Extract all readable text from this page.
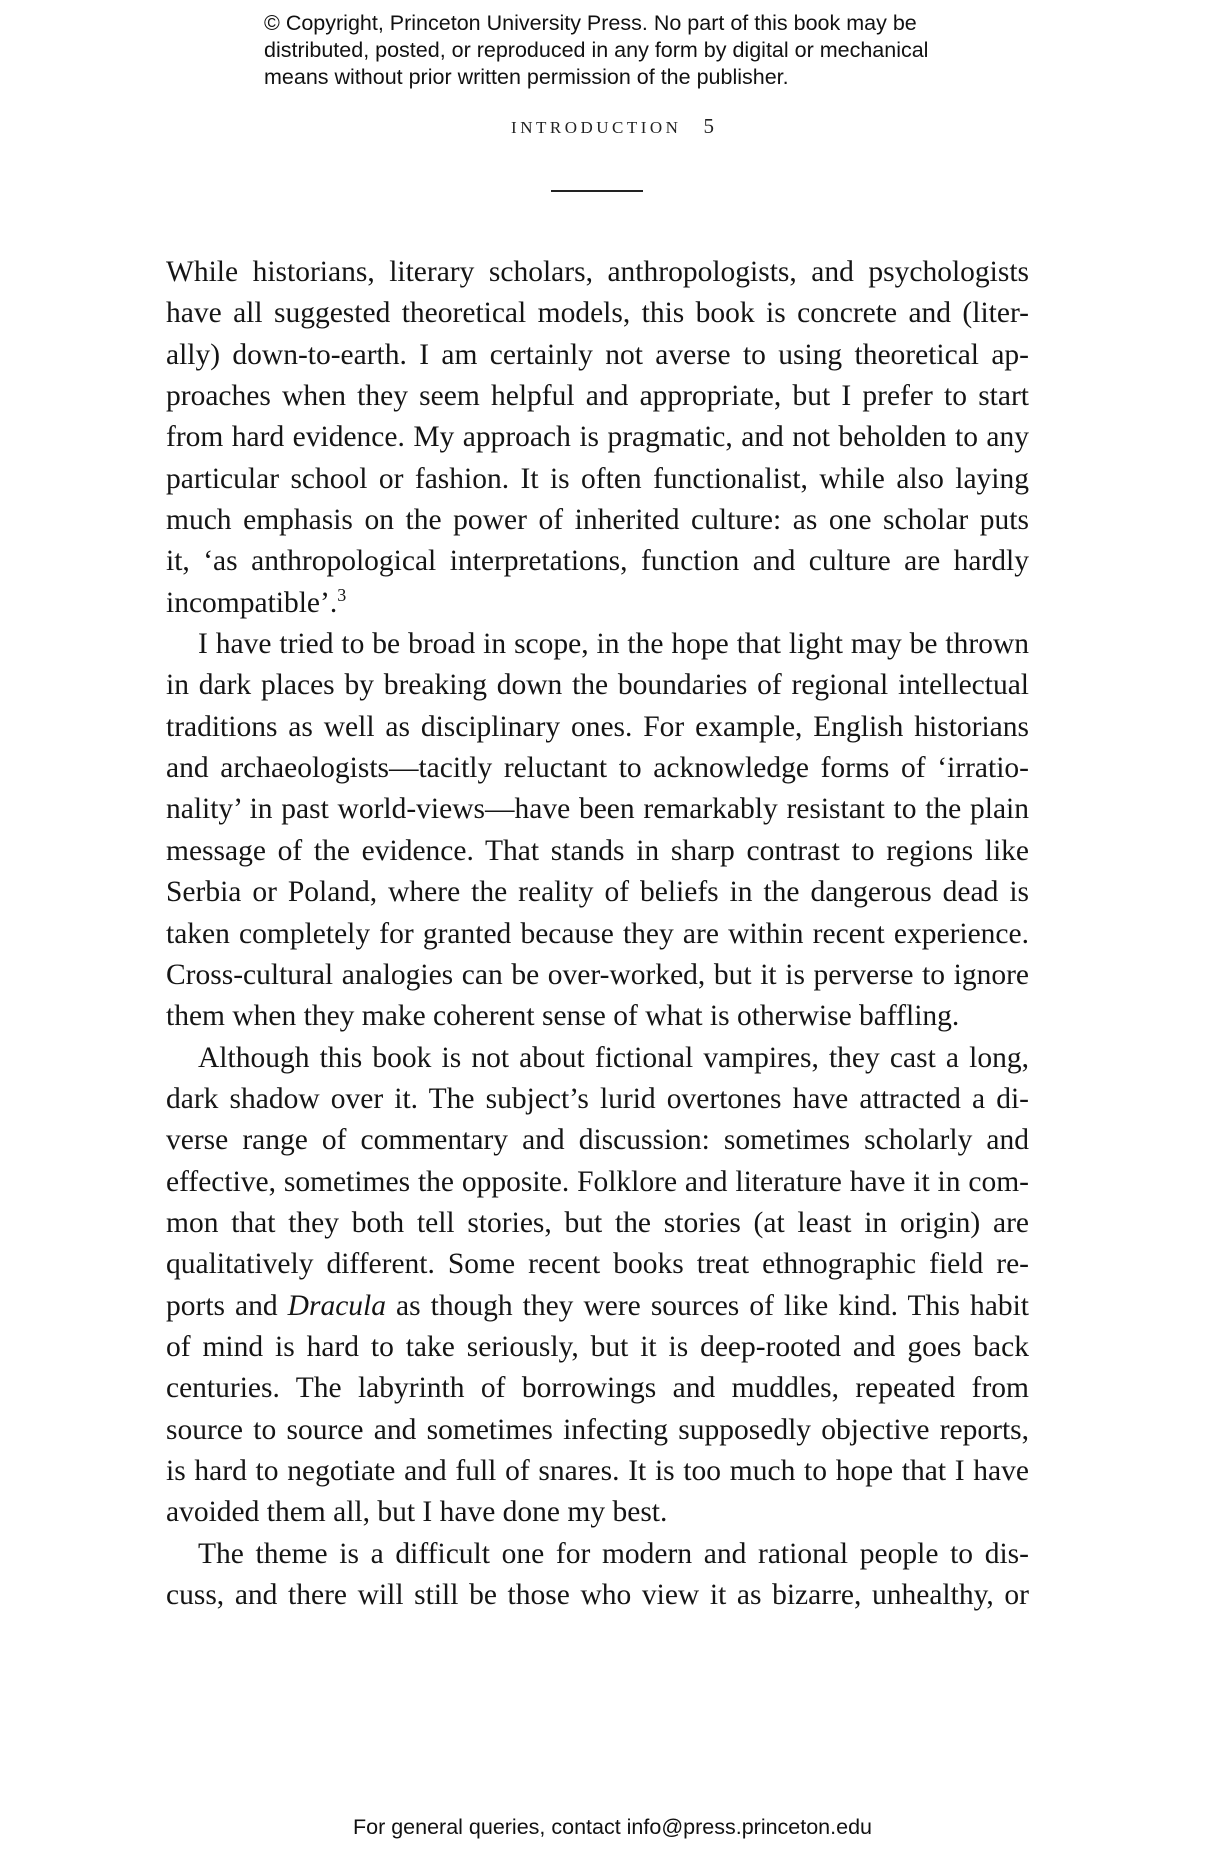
© Copyright, Princeton University Press. No part of this book may be
distributed, posted, or reproduced in any form by digital or mechanical
means without prior written permission of the publisher.
INTRODUCTION 5
While historians, literary scholars, anthropologists, and psychologists
have all suggested theoretical models, this book is concrete and (liter-
ally) down-to-earth. I am certainly not averse to using theoretical ap-
proaches when they seem helpful and appropriate, but I prefer to start
from hard evidence. My approach is pragmatic, and not beholden to any
particular school or fashion. It is often functionalist, while also laying
much emphasis on the power of inherited culture: as one scholar puts
it, ‘as anthropological interpretations, function and culture are hardly
incompatible’.$^3$
I have tried to be broad in scope, in the hope that light may be thrown
in dark places by breaking down the boundaries of regional intellectual
traditions as well as disciplinary ones. For example, English historians
and archaeologists—tacitly reluctant to acknowledge forms of ‘irratio-
nality’ in past world-views—have been remarkably resistant to the plain
message of the evidence. That stands in sharp contrast to regions like
Serbia or Poland, where the reality of beliefs in the dangerous dead is
taken completely for granted because they are within recent experience.
Cross-cultural analogies can be over-worked, but it is perverse to ignore
them when they make coherent sense of what is otherwise baffling.
Although this book is not about fictional vampires, they cast a long,
dark shadow over it. The subject’s lurid overtones have attracted a di-
verse range of commentary and discussion: sometimes scholarly and
effective, sometimes the opposite. Folklore and literature have it in com-
mon that they both tell stories, but the stories (at least in origin) are
qualitatively different. Some recent books treat ethnographic field re-
ports and Dracula as though they were sources of like kind. This habit
of mind is hard to take seriously, but it is deep-rooted and goes back
centuries. The labyrinth of borrowings and muddles, repeated from
source to source and sometimes infecting supposedly objective reports,
is hard to negotiate and full of snares. It is too much to hope that I have
avoided them all, but I have done my best.
The theme is a difficult one for modern and rational people to dis-
cuss, and there will still be those who view it as bizarre, unhealthy, or
For general queries, contact info@press.princeton.edu
